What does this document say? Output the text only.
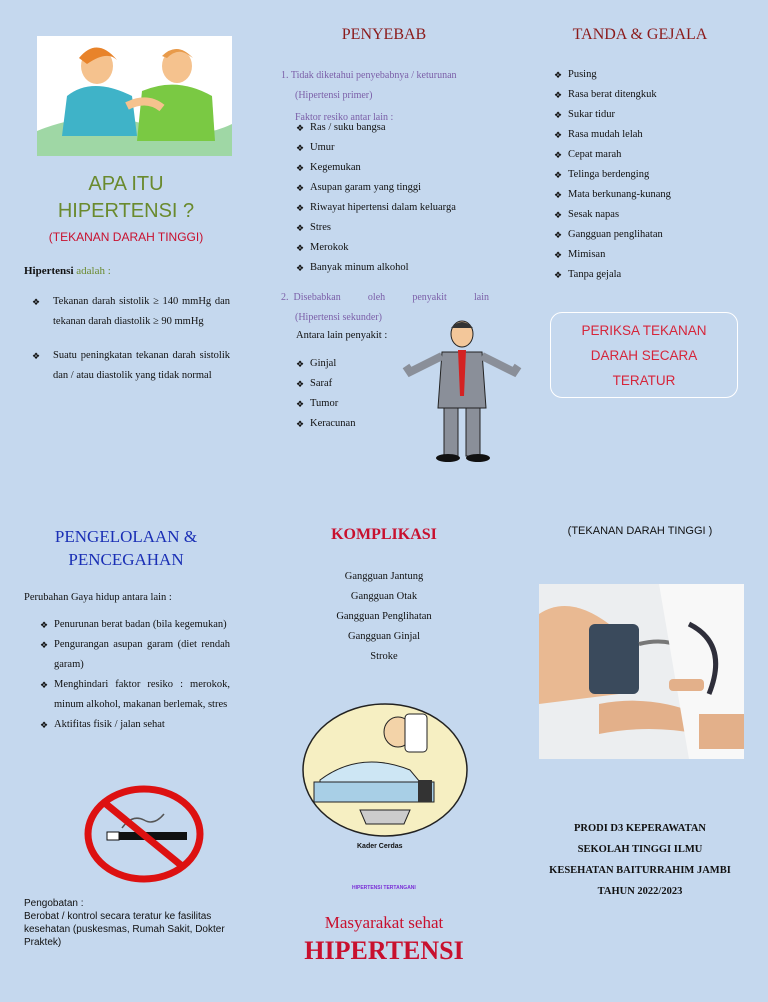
APA ITU
HIPERTENSI ?
(TEKANAN DARAH TINGGI)
Hipertensi adalah :
❖ Tekanan darah sistolik ≥ 140 mmHg dan tekanan darah diastolik ≥ 90 mmHg
❖ Suatu peningkatan tekanan darah sistolik dan / atau diastolik yang tidak normal
PENYEBAB
1. Tidak diketahui penyebabnya / keturunan
(Hipertensi primer)
Faktor resiko antar lain :
❖ Ras / suku bangsa
❖ Umur
❖ Kegemukan
❖ Asupan garam yang tinggi
❖ Riwayat hipertensi dalam keluarga
❖ Stres
❖ Merokok
❖ Banyak minum alkohol
2.  Disebabkan	oleh	penyakit	lain
(Hipertensi sekunder)
Antara lain penyakit :
❖ Ginjal
❖ Saraf
❖ Tumor
❖ Keracunan
TANDA & GEJALA
❖ Pusing
❖ Rasa berat ditengkuk
❖ Sukar tidur
❖ Rasa mudah lelah
❖ Cepat marah
❖ Telinga berdenging
❖ Mata berkunang-kunang
❖ Sesak napas
❖ Gangguan penglihatan
❖ Mimisan
❖ Tanpa gejala
PERIKSA TEKANAN
DARAH SECARA
TERATUR
PENGELOLAAN &
PENCEGAHAN
Perubahan Gaya hidup antara lain :
❖ Penurunan berat badan (bila kegemukan)
❖ Pengurangan asupan garam (diet rendah garam)
❖ Menghindari faktor resiko : merokok, minum alkohol, makanan berlemak, stres
❖ Aktifitas fisik / jalan sehat
Pengobatan :
Berobat / kontrol secara teratur ke fasilitas kesehatan (puskesmas, Rumah Sakit, Dokter Praktek)
KOMPLIKASI
Gangguan Jantung
Gangguan Otak
Gangguan Penglihatan
Gangguan Ginjal
Stroke
Kader Cerdas
HIPERTENSI TERTANGANI
Masyarakat sehat
HIPERTENSI
(TEKANAN DARAH TINGGI )
PRODI D3 KEPERAWATAN
SEKOLAH TINGGI ILMU
KESEHATAN BAITURRAHIM JAMBI
TAHUN 2022/2023
